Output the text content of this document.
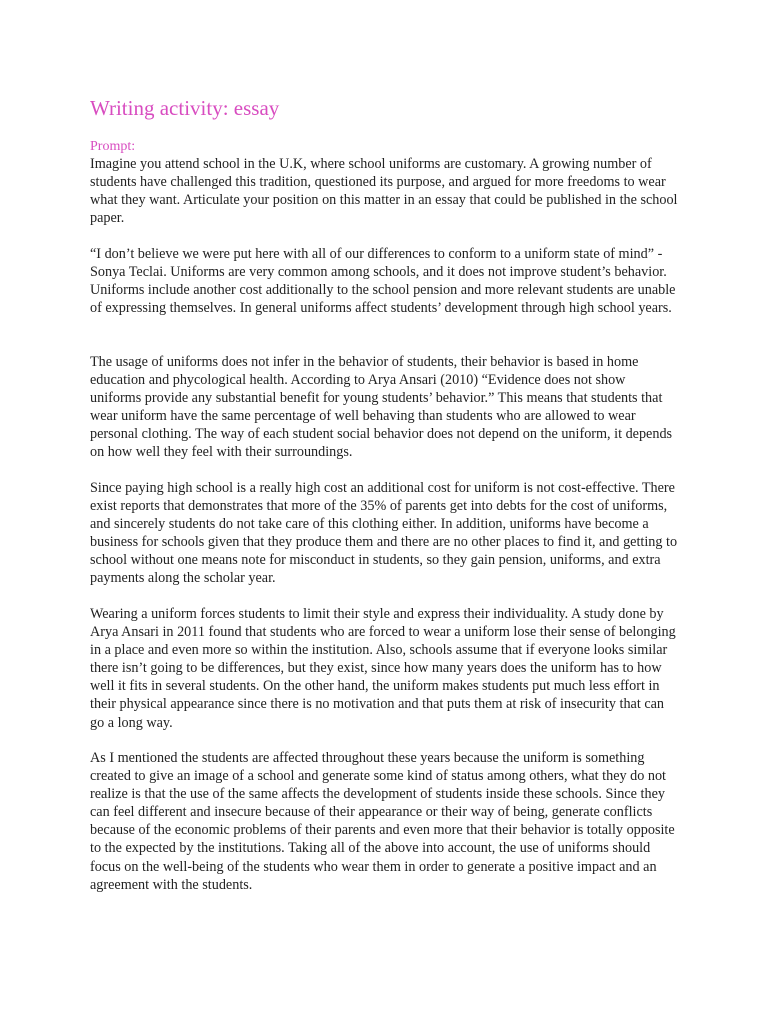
Writing activity: essay

Prompt:

Imagine you attend school in the U.K, where school uniforms are customary. A growing number of students have challenged this tradition, questioned its purpose, and argued for more freedoms to wear what they want. Articulate your position on this matter in an essay that could be published in the school paper.

“I don’t believe we were put here with all of our differences to conform to a uniform state of mind” - Sonya Teclai. Uniforms are very common among schools, and it does not improve student’s behavior. Uniforms include another cost additionally to the school pension and more relevant students are unable of expressing themselves. In general uniforms affect students’ development through high school years.

The usage of uniforms does not infer in the behavior of students, their behavior is based in home education and phycological health. According to Arya Ansari (2010) “Evidence does not show uniforms provide any substantial benefit for young students’ behavior.” This means that students that wear uniform have the same percentage of well behaving than students who are allowed to wear personal clothing. The way of each student social behavior does not depend on the uniform, it depends on how well they feel with their surroundings.

Since paying high school is a really high cost an additional cost for uniform is not cost-effective. There exist reports that demonstrates that more of the 35% of parents get into debts for the cost of uniforms, and sincerely students do not take care of this clothing either. In addition, uniforms have become a business for schools given that they produce them and there are no other places to find it, and getting to school without one means note for misconduct in students, so they gain pension, uniforms, and extra payments along the scholar year.

Wearing a uniform forces students to limit their style and express their individuality. A study done by Arya Ansari in 2011 found that students who are forced to wear a uniform lose their sense of belonging in a place and even more so within the institution. Also, schools assume that if everyone looks similar there isn’t going to be differences, but they exist, since how many years does the uniform has to how well it fits in several students. On the other hand, the uniform makes students put much less effort in their physical appearance since there is no motivation and that puts them at risk of insecurity that can go a long way.

As I mentioned the students are affected throughout these years because the uniform is something created to give an image of a school and generate some kind of status among others, what they do not realize is that the use of the same affects the development of students inside these schools. Since they can feel different and insecure because of their appearance or their way of being, generate conflicts because of the economic problems of their parents and even more that their behavior is totally opposite to the expected by the institutions. Taking all of the above into account, the use of uniforms should focus on the well-being of the students who wear them in order to generate a positive impact and an agreement with the students.
